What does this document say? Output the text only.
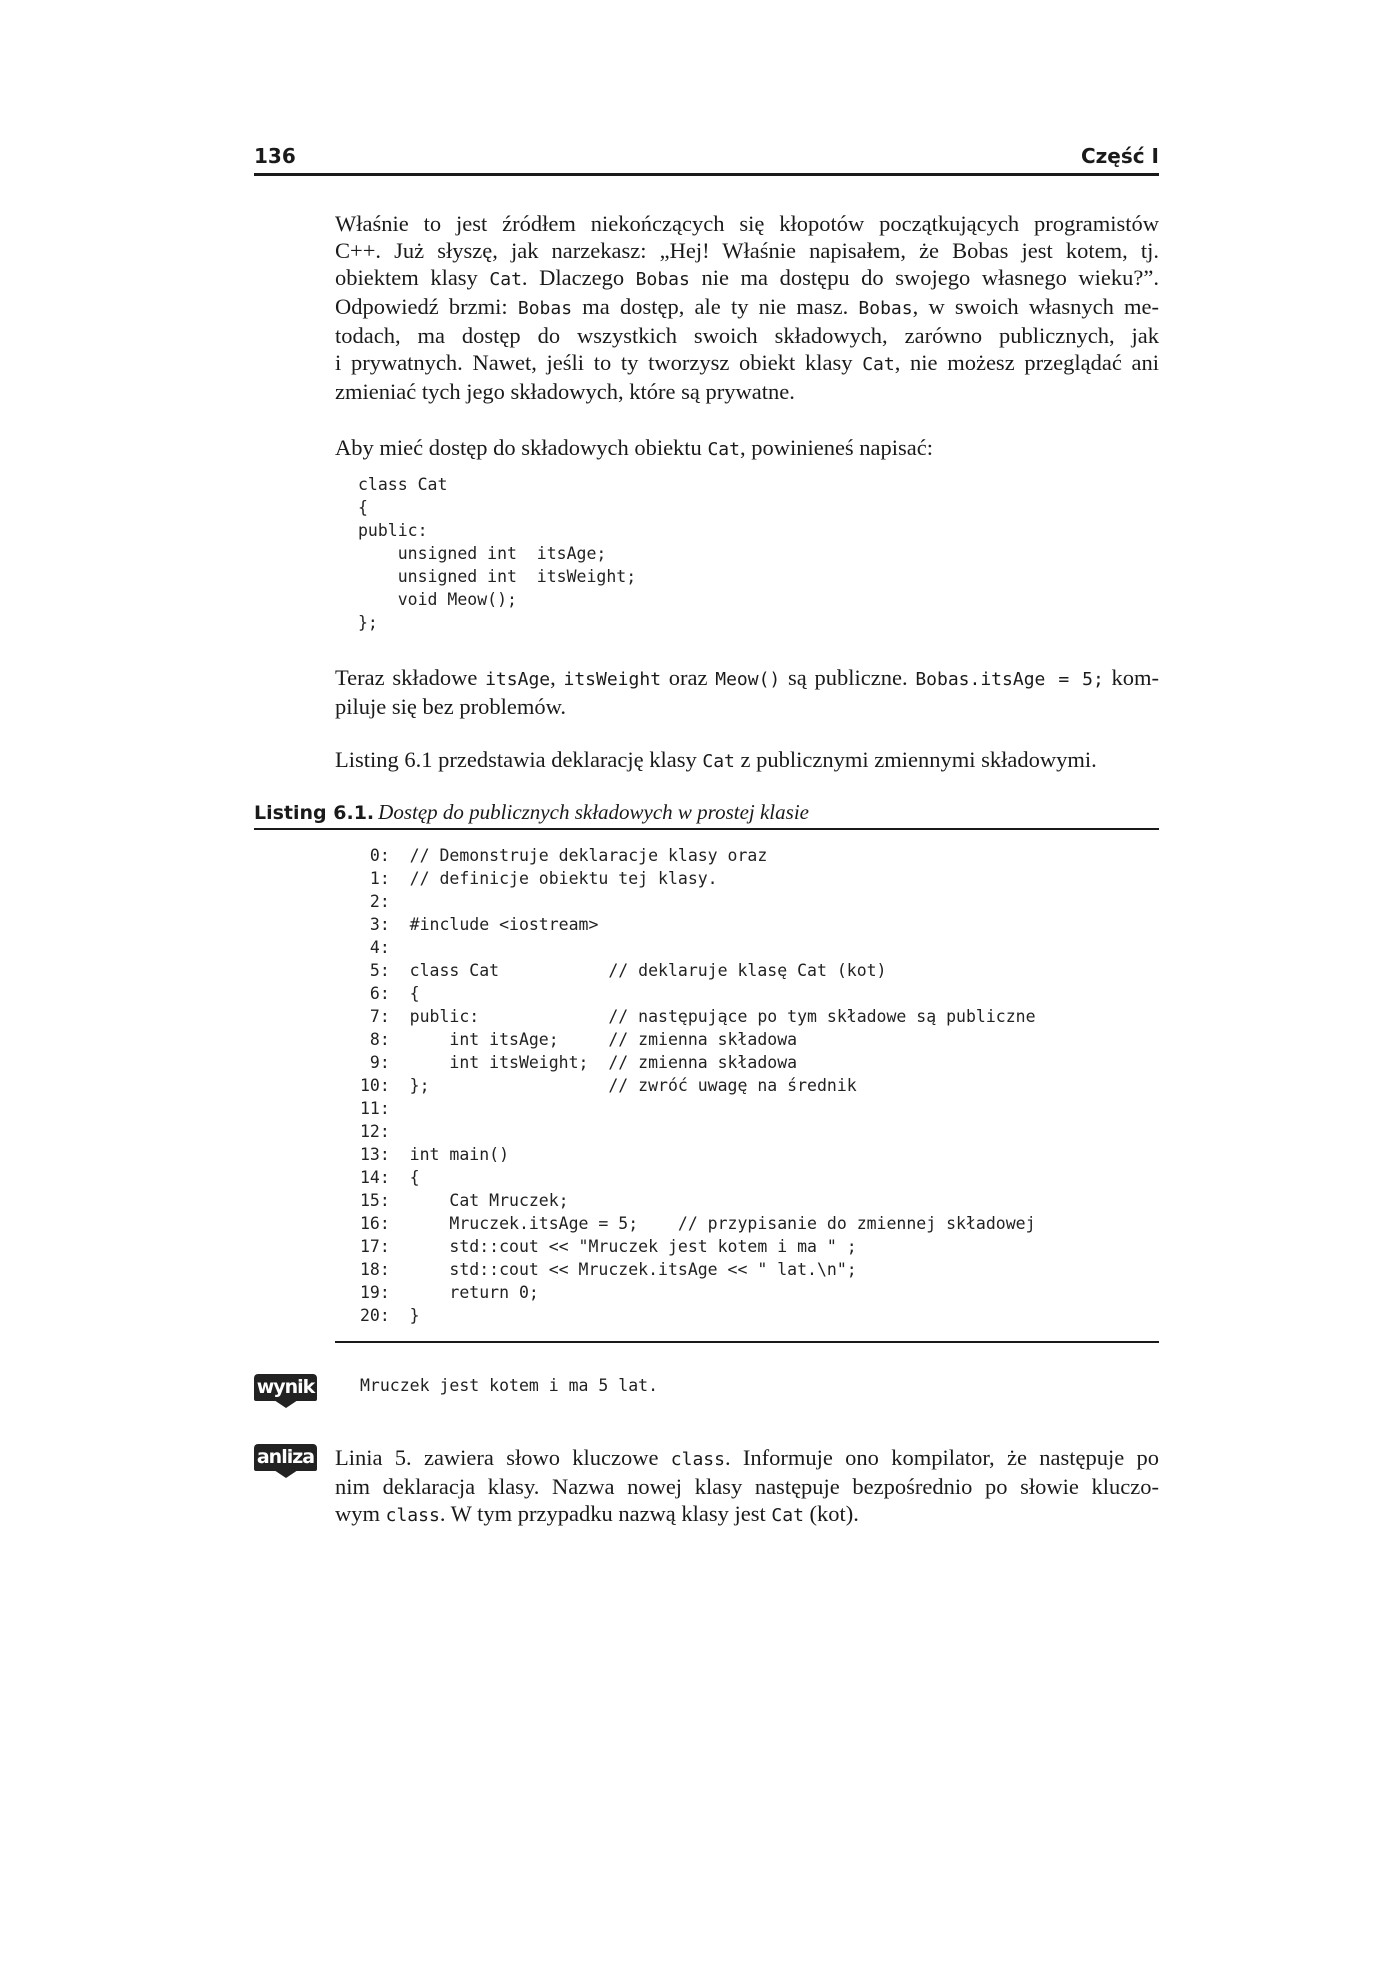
136	Część I
Właśnie to jest źródłem niekończących się kłopotów początkujących programistów
C++. Już słyszę, jak narzekasz: „Hej! Właśnie napisałem, że Bobas jest kotem, tj.
obiektem klasy Cat. Dlaczego Bobas nie ma dostępu do swojego własnego wieku?”.
Odpowiedź brzmi: Bobas ma dostęp, ale ty nie masz. Bobas, w swoich własnych me-
todach, ma dostęp do wszystkich swoich składowych, zarówno publicznych, jak
i prywatnych. Nawet, jeśli to ty tworzysz obiekt klasy Cat, nie możesz przeglądać ani
zmieniać tych jego składowych, które są prywatne.
Aby mieć dostęp do składowych obiektu Cat, powinieneś napisać:
class Cat
{
public:
unsigned int  itsAge;
unsigned int  itsWeight;
void Meow();
};
Teraz składowe itsAge, itsWeight oraz Meow() są publiczne. Bobas.itsAge = 5; kom-
piluje się bez problemów.
Listing 6.1 przedstawia deklarację klasy Cat z publicznymi zmiennymi składowymi.
Listing 6.1. Dostęp do publicznych składowych w prostej klasie
0:  // Demonstruje deklaracje klasy oraz
1:  // definicje obiektu tej klasy.
2:
3:  #include <iostream>
4:
5:  class Cat           // deklaruje klasę Cat (kot)
6:  {
7:  public:             // następujące po tym składowe są publiczne
8:      int itsAge;     // zmienna składowa
9:      int itsWeight;  // zmienna składowa
10:  };                  // zwróć uwagę na średnik
11:
12:
13:  int main()
14:  {
15:      Cat Mruczek;
16:      Mruczek.itsAge = 5;    // przypisanie do zmiennej składowej
17:      std::cout << "Mruczek jest kotem i ma " ;
18:      std::cout << Mruczek.itsAge << " lat.\n";
19:      return 0;
20:  }
wynik	Mruczek jest kotem i ma 5 lat.
anliza Linia 5. zawiera słowo kluczowe class. Informuje ono kompilator, że następuje po
nim deklaracja klasy. Nazwa nowej klasy następuje bezpośrednio po słowie kluczo-
wym class. W tym przypadku nazwą klasy jest Cat (kot).
